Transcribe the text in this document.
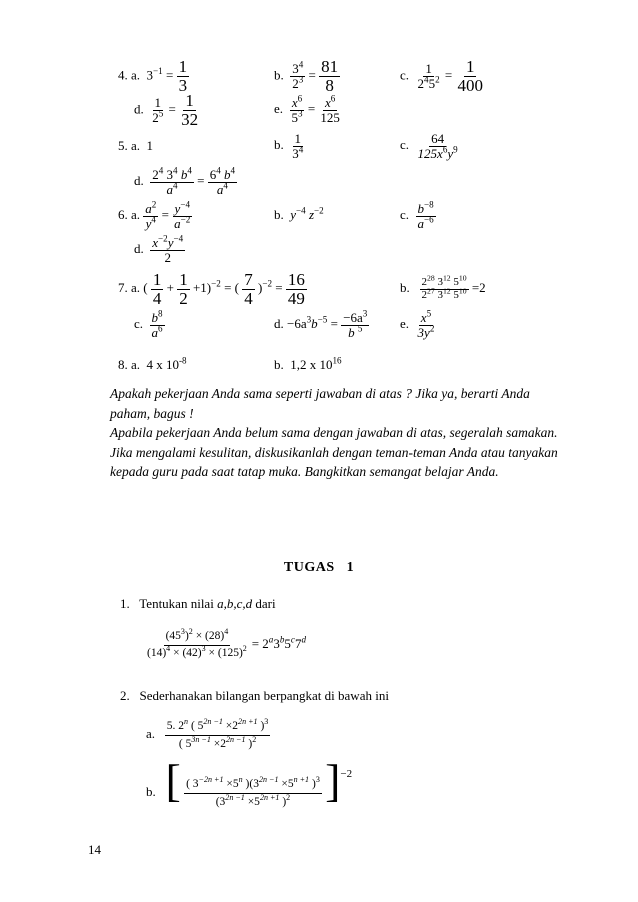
4. a. $3^{-1} = \frac{1}{3}$	b. $\frac{3^4}{2^3} = \frac{81}{8}$	c. $\frac{1}{2^45^2} = \frac{1}{400}$
d. $\frac{1}{2^5} = \frac{1}{32}$	e. $\frac{x^6}{5^3} = \frac{x^6}{125}$
5. a. 1	b. $\frac{1}{3^4}$	c. $\frac{64}{125x^6y^9}$
d. $\frac{2^4 3^4 b^4}{a^4} = \frac{6^4 b^4}{a^4}$
6. a. $\frac{a^2}{y^4} = \frac{y^{-4}}{a^{-2}}$	b. $y^{-4}$ $z^{-2}$	c. $\frac{b^{-8}}{a^{-6}}$
d. $\frac{x^{-2}y^{-4}}{2}$
7. a. ( $\frac{1}{4} + \frac{1}{2} +1)^{-2}$ = ( $\frac{7}{4} )^{-2} = \frac{16}{49}$	b. $\frac{2^{28} 3^{12} 5^{10}}{2^{27} 3^{12} 5^{10}} =2$
c. $\frac{b^8}{a^6}$	d. $-6a^3b^{-5} = \frac{-6a^3}{b ^5} e$. $\frac{x^5}{3y^2}$
8. a. 4 x $10^{-8}$	b. 1,2 x $10^{16}$
Apakah pekerjaan Anda sama seperti jawaban di atas ? Jika ya, berarti Anda paham, bagus !
Apabila pekerjaan Anda belum sama dengan jawaban di atas, segeralah samakan.
Jika mengalami kesulitan, diskusikanlah dengan teman-teman Anda atau tanyakan kepada guru pada saat tatap muka. Bangkitkan semangat belajar Anda.
TUGAS   1
1. Tentukan nilai a,b,c,d dari
$\frac{(45^3)^2 \times (28)^4}{(14)^4 \times (42)^3 \times (125)^2} = 2^a3^b5^c7^d$
2. Sederhanakan bilangan berpangkat di bawah ini
a. $\frac{5. 2^n ( 5^{2n -1} \times 2^{2n +1} )^3}{( 5^{3n -1} \times 2^{2n -1} )^2}$
b. [ $\frac{( 3^{-2n +1} \times 5^n )(3^{2n -1} \times 5^{n +1} )^3}{(3^{2n -1} \times 5^{2n +1} )^2} ]^{-2}$
14
